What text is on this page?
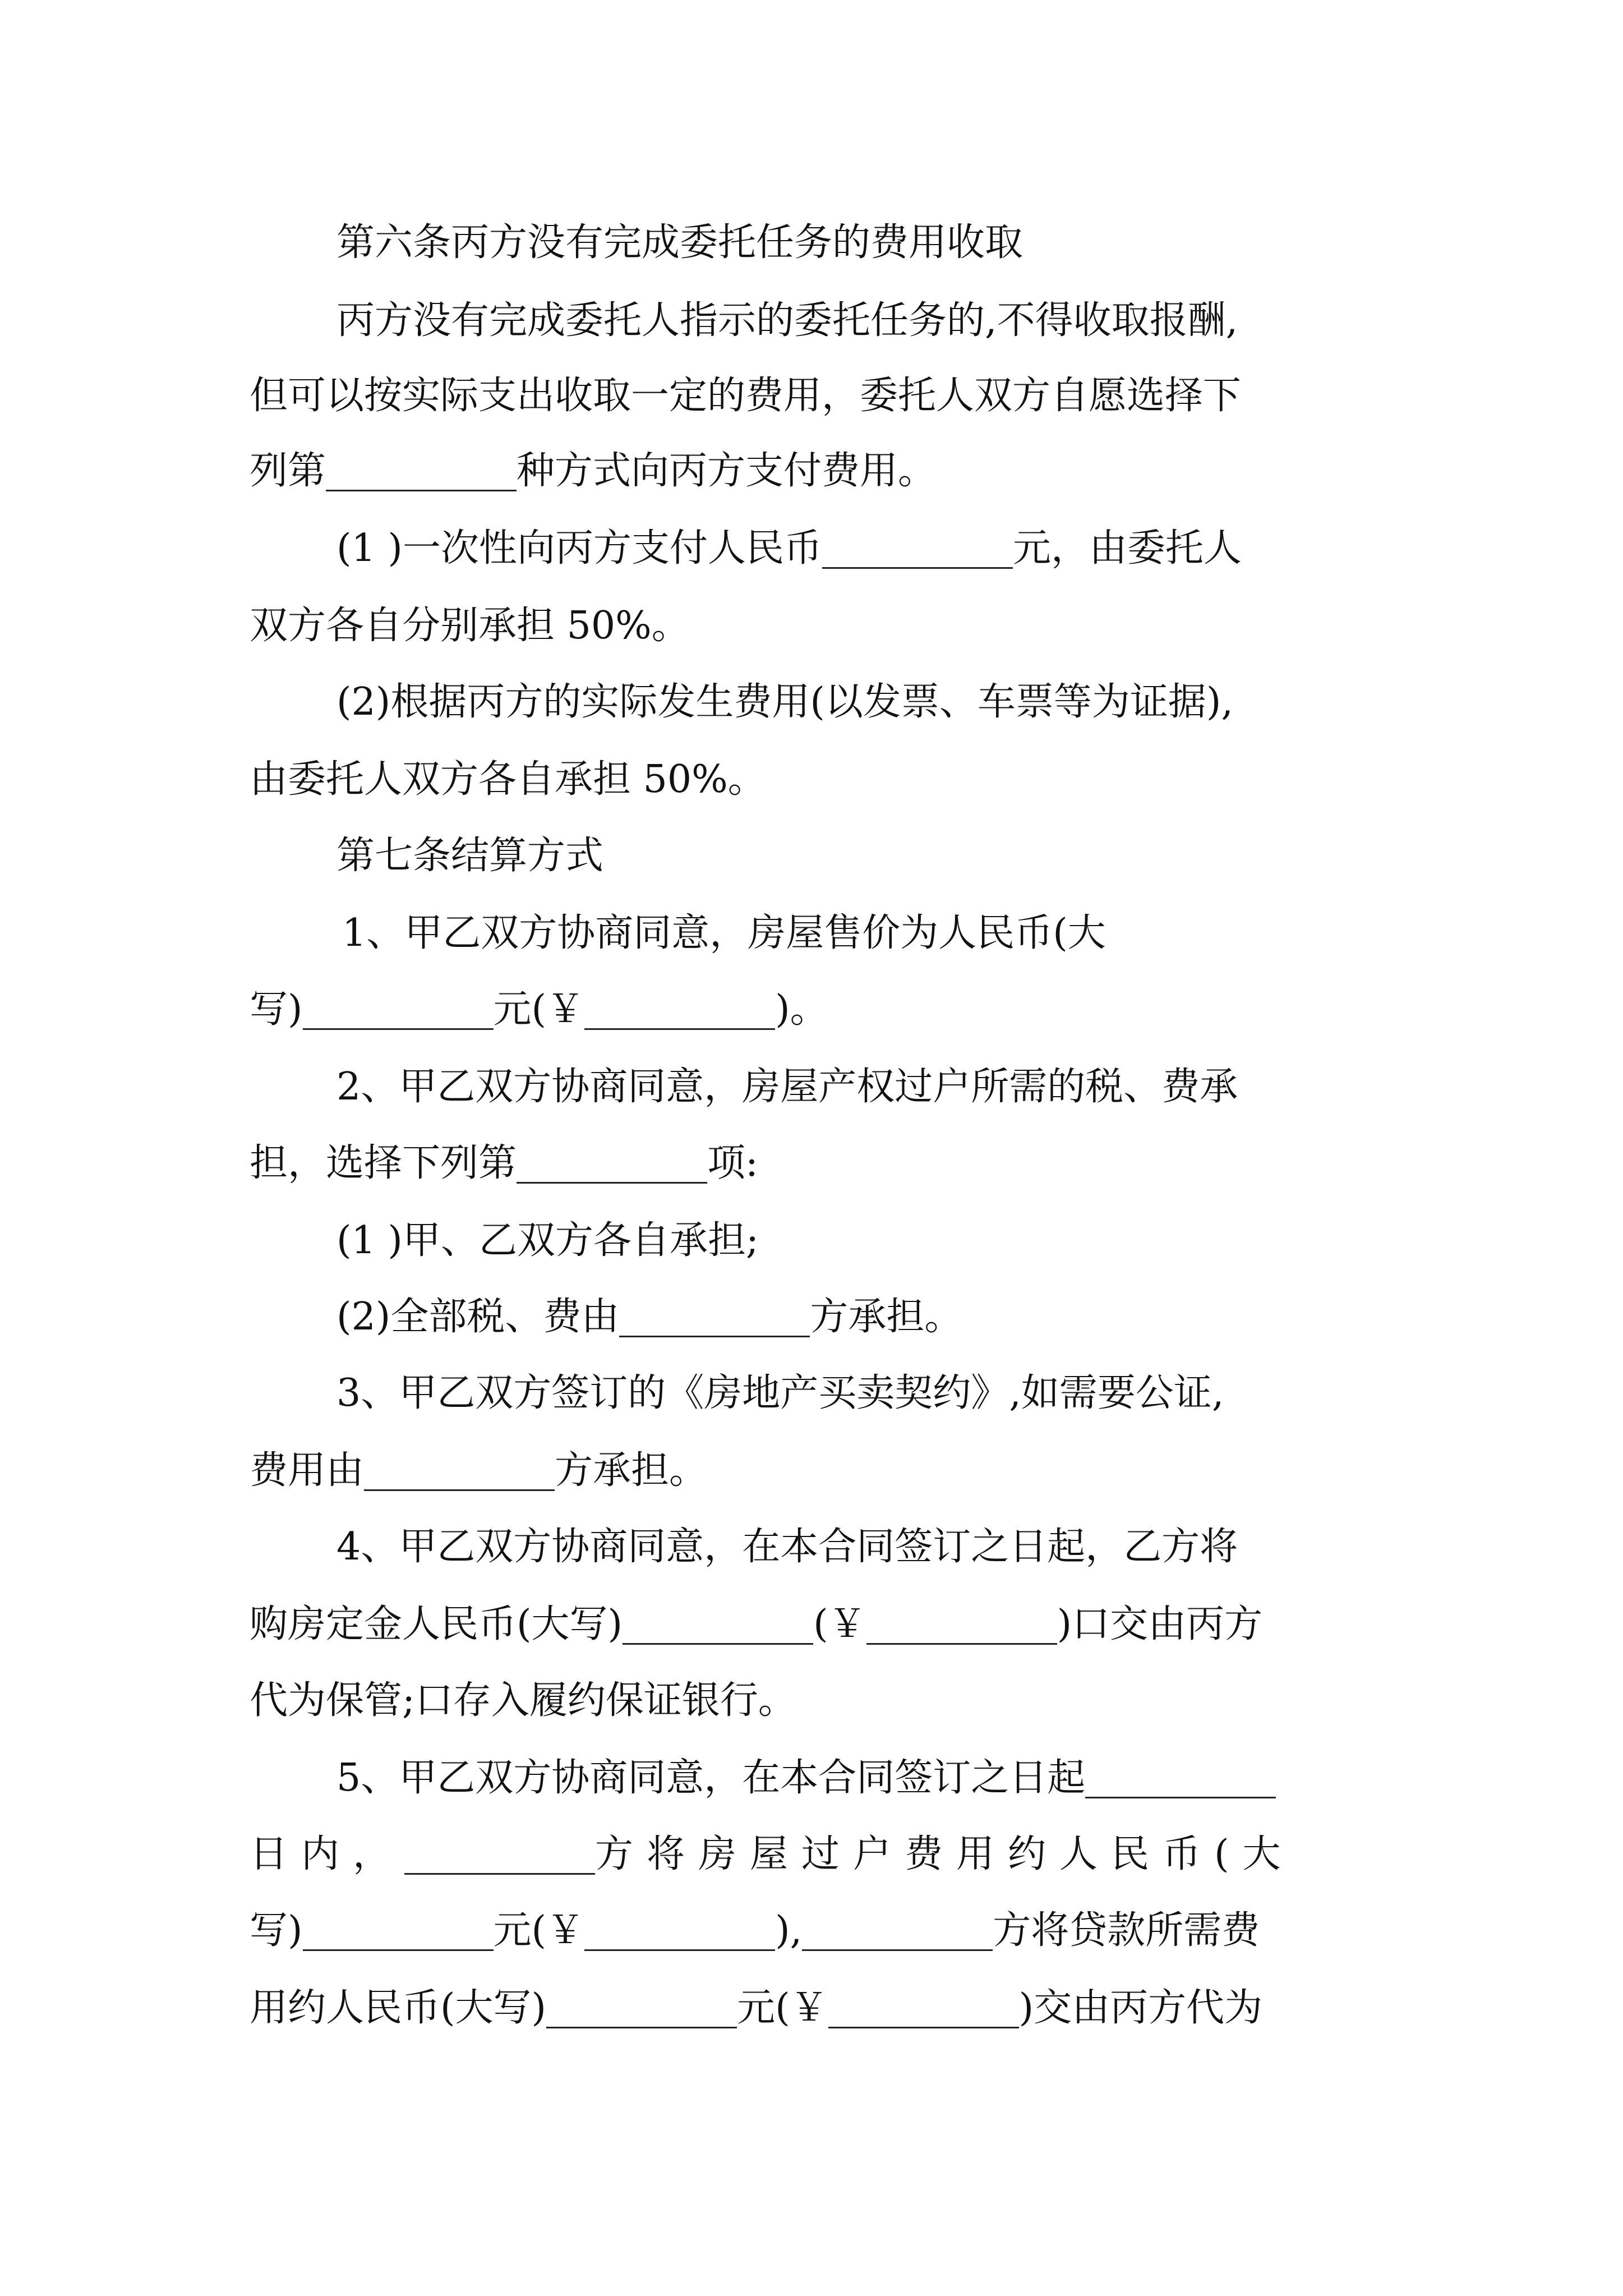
第六条丙方没有完成委托任务的费用收取
丙方没有完成委托人指示的委托任务的,不得收取报酬,
但可以按实际支出收取一定的费用，委托人双方自愿选择下
列第	种方式向丙方支付费用。
(1 )一次性向丙方支付人民币	元，由委托人
双方各自分别承担 50%。
(2)根据丙方的实际发生费用(以发票、车票等为证据),
由委托人双方各自承担 50%。
第七条结算方式
1、甲乙双方协商同意，房屋售价为人民币(大
写)	元(￥	)。
2、甲乙双方协商同意，房屋产权过户所需的税、费承
担，选择下列第	项:
(1 )甲、乙双方各自承担;
(2)全部税、费由	方承担。
3、甲乙双方签订的《房地产买卖契约》,如需要公证,
费用由	方承担。
4、甲乙双方协商同意，在本合同签订之日起，乙方将
购房定金人民币(大写)	(￥	)口交由丙方
代为保管;口存入履约保证银行。
5、甲乙双方协商同意，在本合同签订之日起
日内，	方将房屋过户费用约人民币(大
写)	元(￥	),	方将贷款所需费
用约人民币(大写)	元(￥	)交由丙方代为
